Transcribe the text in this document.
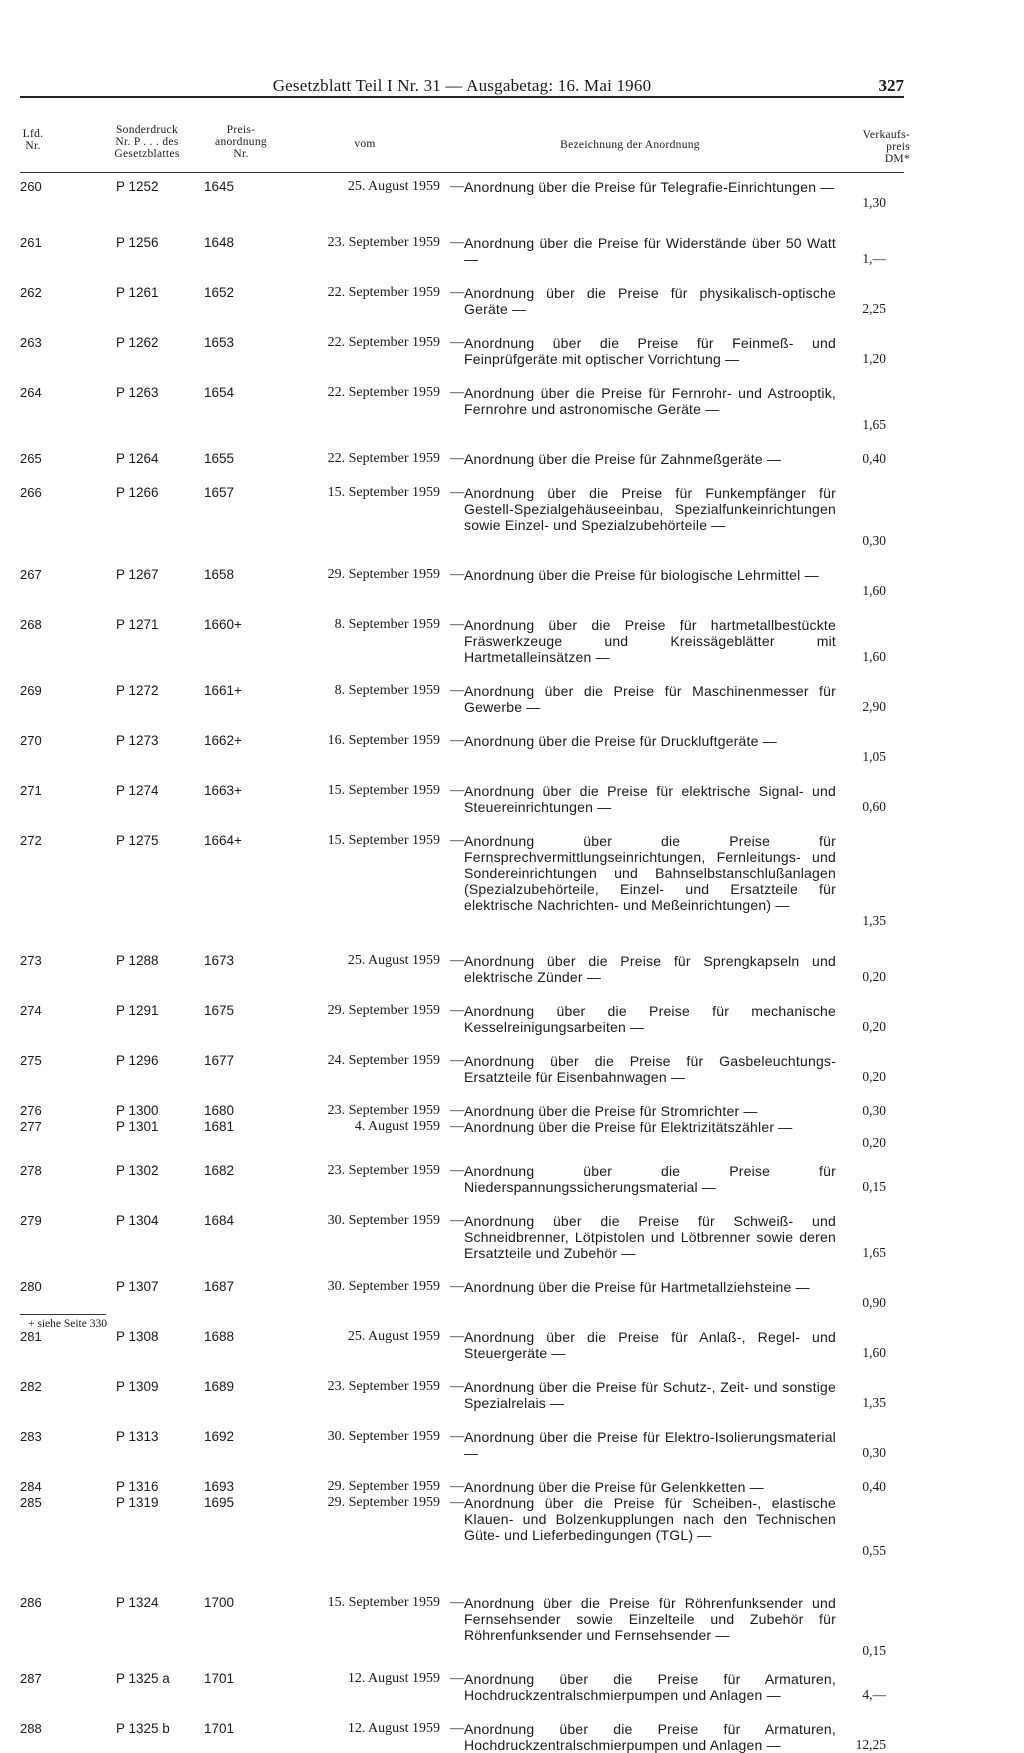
Gesetzblatt Teil I Nr. 31 — Ausgabetag: 16. Mai 1960	327
Lfd.
Nr.
Sonderdruck
Nr. P . . . des
Gesetzblattes
Preis-
anordnung
Nr.
vom	Bezeichnung der Anordnung
Verkaufs-
preis
DM*
260	P 1252	1645	25. August 1959 — Anordnung über die Preise für Telegrafie-Einrichtungen —
1,30
261	P 1256	1648	23. September 1959 — Anordnung über die Preise für Widerstände über 50 Watt —	1,—
262	P 1261	1652	22. September 1959 — Anordnung über die Preise für physikalisch-optische Geräte —	2,25
263	P 1262	1653	22. September 1959 — Anordnung über die Preise für Feinmeß- und Feinprüfgeräte mit optischer Vorrichtung —	1,20
264	P 1263	1654	22. September 1959 — Anordnung über die Preise für Fernrohr- und Astrooptik, Fernrohre und astronomische Geräte —
1,65
265	P 1264	1655	22. September 1959 — Anordnung über die Preise für Zahnmeßgeräte —	0,40
266	P 1266	1657	15. September 1959 — Anordnung über die Preise für Funkempfänger für Gestell-Spezialgehäuseeinbau, Spezialfunkeinrichtungen sowie Einzel- und Spezialzubehörteile —
0,30
267	P 1267	1658	29. September 1959 — Anordnung über die Preise für biologische Lehrmittel —
1,60
268	P 1271	1660+	8. September 1959 — Anordnung über die Preise für hartmetallbestückte Fräswerkzeuge und Kreissägeblätter mit Hartmetalleinsätzen —	1,60
269	P 1272	1661+	8. September 1959 — Anordnung über die Preise für Maschinenmesser für Gewerbe —	2,90
270	P 1273	1662+	16. September 1959 — Anordnung über die Preise für Druckluftgeräte —
1,05
271	P 1274	1663+	15. September 1959 — Anordnung über die Preise für elektrische Signal- und Steuereinrichtungen —	0,60
272	P 1275	1664+	15. September 1959 — Anordnung über die Preise für Fernsprechvermittlungseinrichtungen, Fernleitungs- und Sondereinrichtungen und Bahnselbstanschlußanlagen (Spezialzubehörteile, Einzel- und Ersatzteile für elektrische Nachrichten- und Meßeinrichtungen) —
1,35
273	P 1288	1673	25. August 1959 — Anordnung über die Preise für Sprengkapseln und elektrische Zünder —	0,20
274	P 1291	1675	29. September 1959 — Anordnung über die Preise für mechanische Kesselreinigungsarbeiten —	0,20
275	P 1296	1677	24. September 1959 — Anordnung über die Preise für Gasbeleuchtungs-Ersatzteile für Eisenbahnwagen —	0,20
276	P 1300	1680	23. September 1959 — Anordnung über die Preise für Stromrichter —	0,30
277	P 1301	1681	4. August 1959 — Anordnung über die Preise für Elektrizitätszähler —
0,20
278	P 1302	1682	23. September 1959 — Anordnung über die Preise für Niederspannungssicherungsmaterial —	0,15
279	P 1304	1684	30. September 1959 — Anordnung über die Preise für Schweiß- und Schneidbrenner, Lötpistolen und Lötbrenner sowie deren Ersatzteile und Zubehör —	1,65
280	P 1307	1687	30. September 1959 — Anordnung über die Preise für Hartmetallziehsteine —
0,90
281	P 1308	1688	25. August 1959 — Anordnung über die Preise für Anlaß-, Regel- und Steuergeräte —	1,60
282	P 1309	1689	23. September 1959 — Anordnung über die Preise für Schutz-, Zeit- und sonstige Spezialrelais —	1,35
283	P 1313	1692	30. September 1959 — Anordnung über die Preise für Elektro-Isolierungsmaterial —	0,30
284	P 1316	1693	29. September 1959 — Anordnung über die Preise für Gelenkketten —	0,40
285	P 1319	1695	29. September 1959 — Anordnung über die Preise für Scheiben-, elastische Klauen- und Bolzenkupplungen nach den Technischen Güte- und Lieferbedingungen (TGL) —
0,55
286	P 1324	1700	15. September 1959 — Anordnung über die Preise für Röhrenfunksender und Fernsehsender sowie Einzelteile und Zubehör für Röhrenfunksender und Fernsehsender —
0,15
287	P 1325 a	1701	12. August 1959 — Anordnung über die Preise für Armaturen, Hochdruckzentralschmierpumpen und Anlagen —	4,—
288	P 1325 b	1701	12. August 1959 — Anordnung über die Preise für Armaturen, Hochdruckzentralschmierpumpen und Anlagen —	12,25
+ siehe Seite 330
